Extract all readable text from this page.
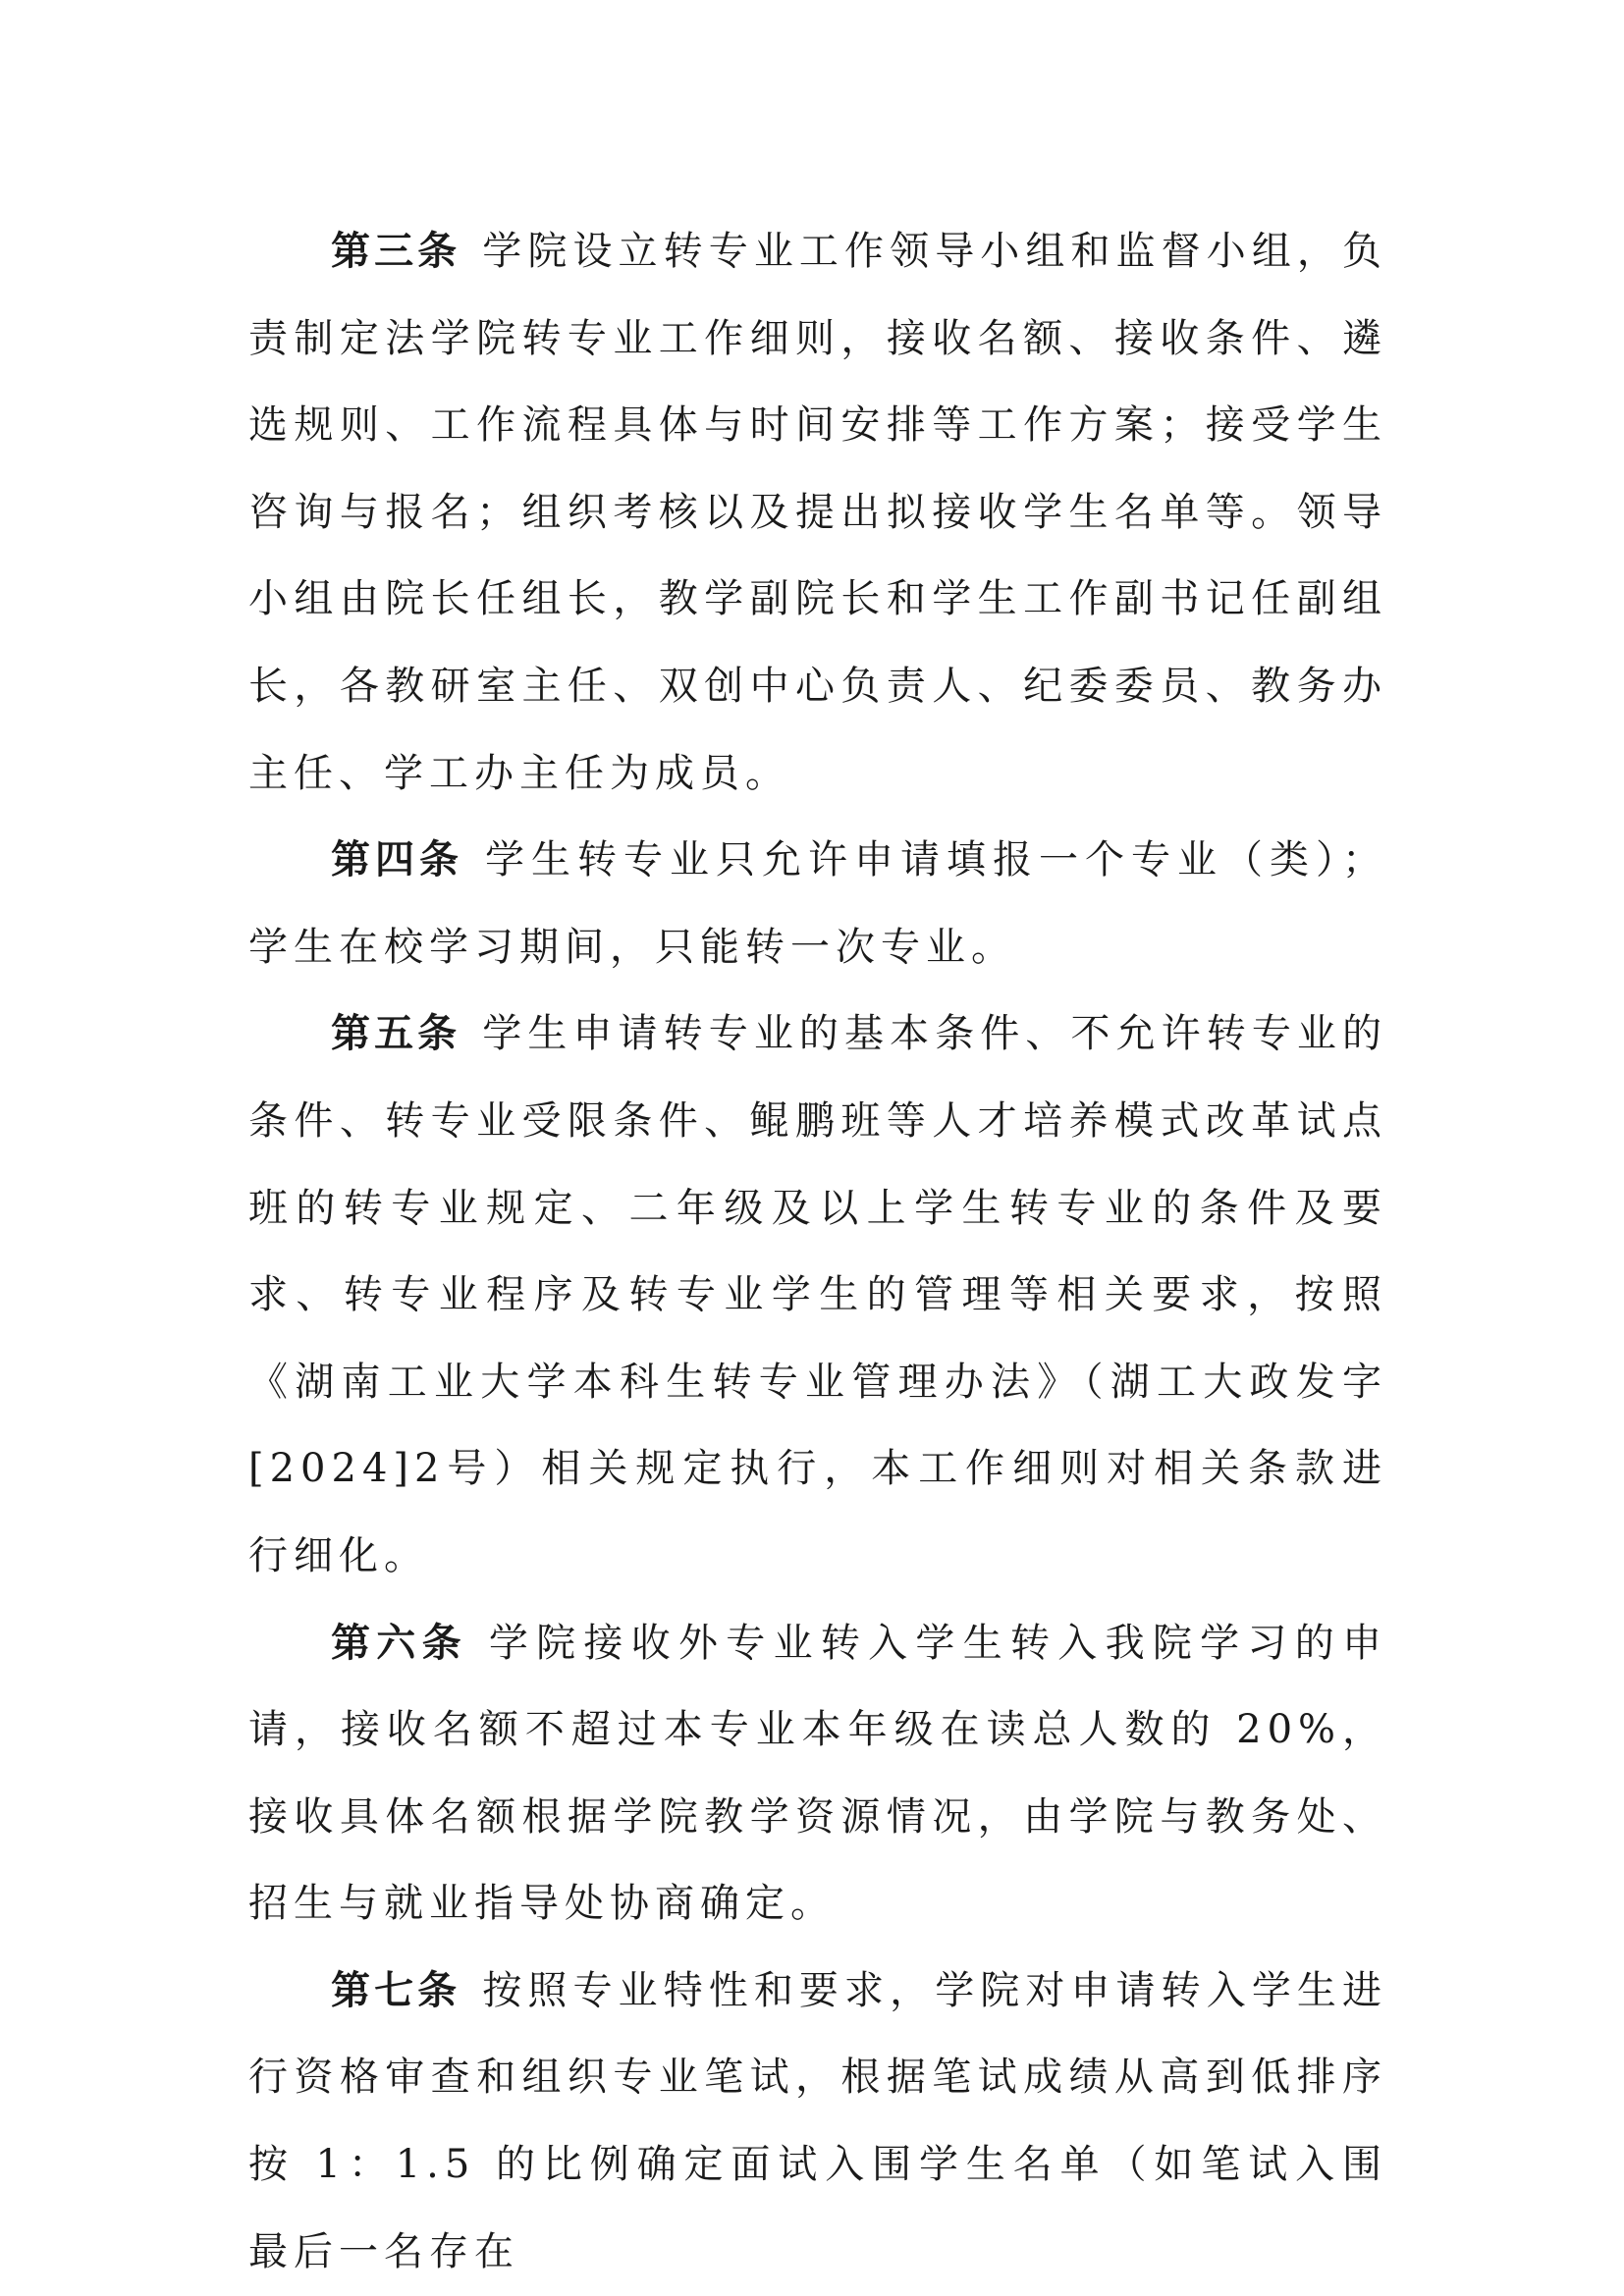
第三条 学院设立转专业工作领导小组和监督小组，负责制定法学院转专业工作细则，接收名额、接收条件、遴选规则、工作流程具体与时间安排等工作方案；接受学生咨询与报名；组织考核以及提出拟接收学生名单等。领导小组由院长任组长，教学副院长和学生工作副书记任副组长，各教研室主任、双创中心负责人、纪委委员、教务办主任、学工办主任为成员。

第四条 学生转专业只允许申请填报一个专业（类）；学生在校学习期间，只能转一次专业。

第五条 学生申请转专业的基本条件、不允许转专业的条件、转专业受限条件、鲲鹏班等人才培养模式改革试点班的转专业规定、二年级及以上学生转专业的条件及要求、转专业程序及转专业学生的管理等相关要求，按照《湖南工业大学本科生转专业管理办法》（湖工大政发字[2024]2号）相关规定执行，本工作细则对相关条款进行细化。

第六条 学院接收外专业转入学生转入我院学习的申请，接收名额不超过本专业本年级在读总人数的 20%，接收具体名额根据学院教学资源情况，由学院与教务处、招生与就业指导处协商确定。

第七条 按照专业特性和要求，学院对申请转入学生进行资格审查和组织专业笔试，根据笔试成绩从高到低排序按 1：1.5 的比例确定面试入围学生名单（如笔试入围最后一名存在
